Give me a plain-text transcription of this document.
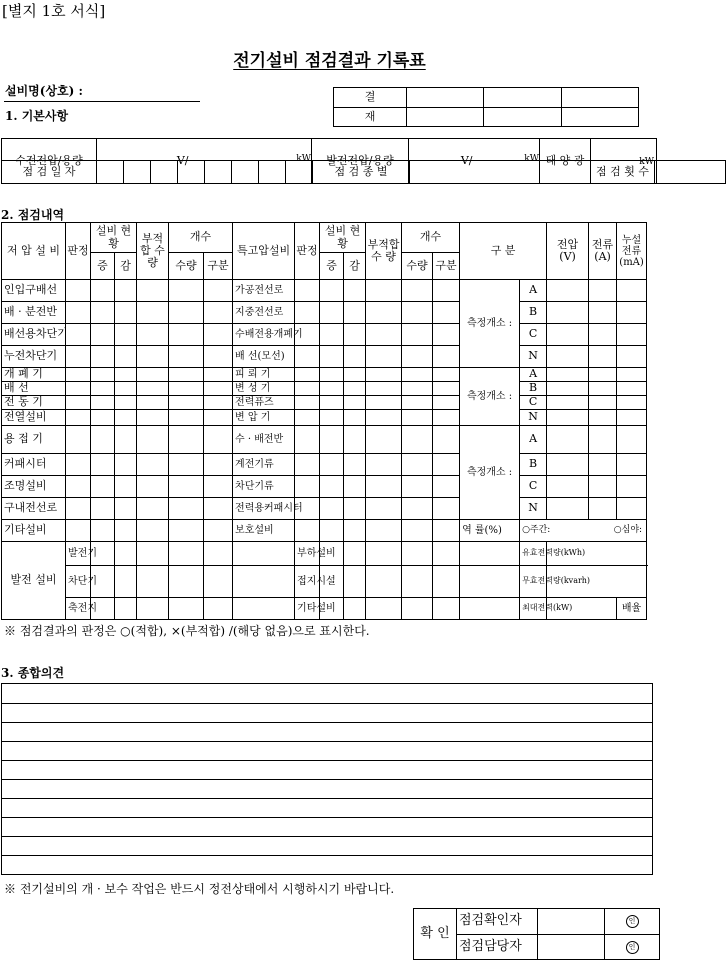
[별지 1호 서식]
전기설비 점검결과 기록표
설비명(상호) :
1. 기본사항
결			
재			
수전전압/용량	V/	kW	발전전압/용량	V/	kW	태 양 광	kW
점 검 일 자									점 검 종 별		점 검 횟 수	
2. 점검내역
저 압 설 비	판정	설비 현황		부적합 수 량	개수		특고압설비	판정	설비 현황		부적합 수 량	개수		구 분		전압 (V)	전류 (A)	누설 전류 (mA)	
		증	감		수량	구분			증	감		수량	구분						
인입구배선							가공전선로							측정개소 :	A				
배 · 분전반							지중전선로								B				
배선용차단기							수배전용개폐기								C				
누전차단기							배 선(모선)								N				
개 폐 기							피 뢰 기							측정개소 :	A				
배 선							변 성 기								B				
전 동 기							전력퓨즈								C				
전열설비							변 압 기								N				
용 접 기							수 · 배전반							측정개소 :	A				
커패시터							계전기류								B				
조명설비							차단기류								C				
구내전선로							전력용커패시터								N				
기타설비							보호설비							역 률(%)	○주간: ○심야:				

발전 설비	발전기							부하설비							유효전력량(kWh)				
	차단기							접지시설							무효전력량(kvarh)				
	축전지							기타설비							최대전력(kW)			배율	
※ 점검결과의 판정은 ○(적합), ×(부적합) /(해당 없음)으로 표시한다.
3. 종합의견
※ 전기설비의 개 · 보수 작업은 반드시 정전상태에서 시행하시기 바랍니다.
확 인	점검확인자		인
	점검담당자		인
